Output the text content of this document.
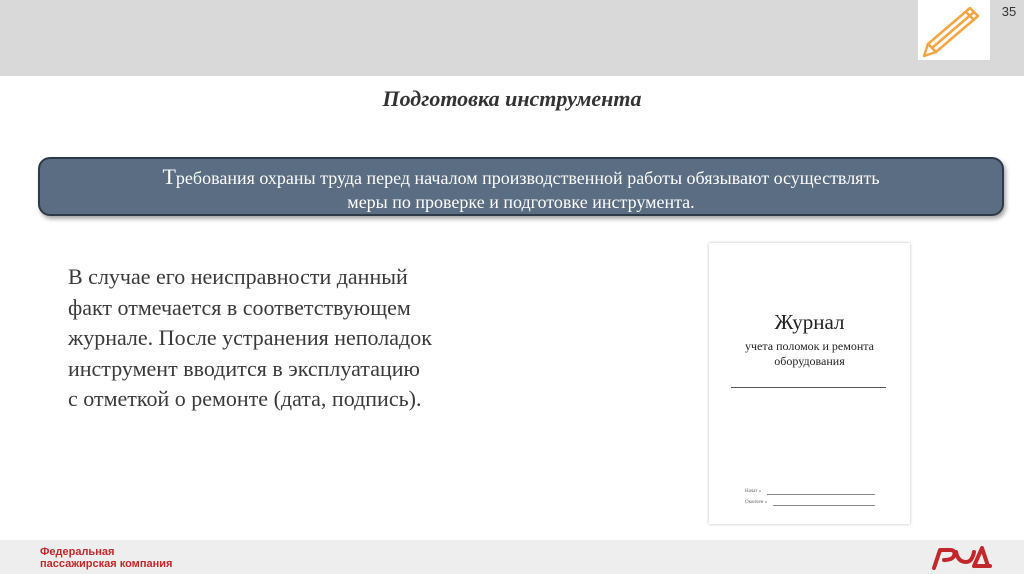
35
Подготовка инструмента
Требования охраны труда перед началом производственной работы обязывают осуществлять
меры по проверке и подготовке инструмента.
В случае его неисправности данный
факт отмечается в соответствующем
журнале. После устранения неполадок
инструмент вводится в эксплуатацию
с отметкой о ремонте (дата, подпись).
Журнал
учета поломок и ремонта
оборудования
Начат «
Окончен «
Федеральная
пассажирская компания
